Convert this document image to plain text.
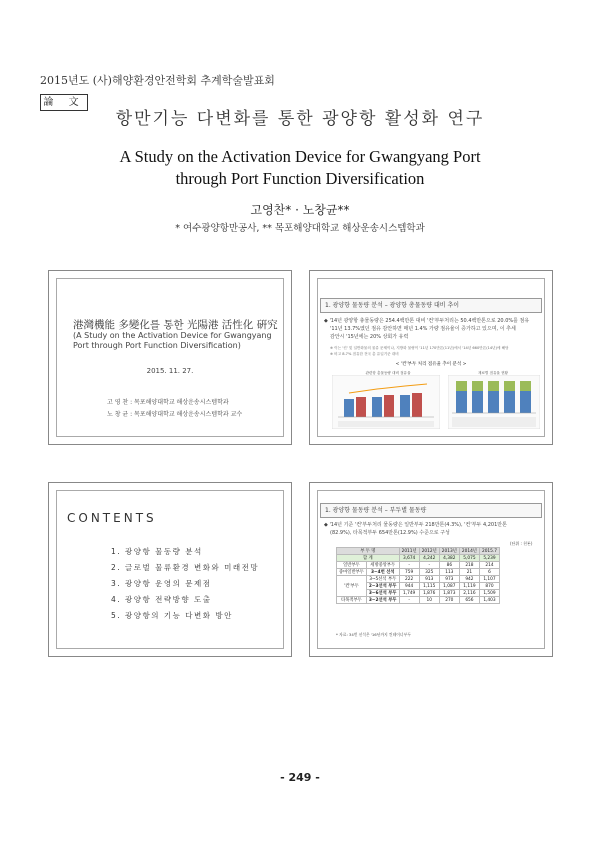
2015년도 (사)해양환경안전학회 추계학술발표회
論 文
항만기능 다변화를 통한 광양항 활성화 연구
A Study on the Activation Device for Gwangyang Port
through Port Function Diversification
고영찬* · 노창균**
* 여수광양항만공사, ** 목포해양대학교 해상운송시스템학과
港灣機能 多變化를 통한 光陽港 活性化 硏究
(A Study on the Activation Device for Gwangyang
Port through Port Function Diversification)
2015. 11. 27.
고 영 찬 : 목포해양대학교 해상운송시스템학과
노 창 균 : 목포해양대학교 해상운송시스템학과 교수
1. 광양항 물동량 분석 – 광양항 총물동량 대비 추이
◆ '14년 광양항 총물동량은 254.4백만톤 대비 '컨'부두처리는 50.4백만톤으로 20.0%를 점유
'11년 13.7%였던 점유 감안하면 매년 1.4% 가량 점유율이 증가하고 있으며, 이 추세
감안시 '15년에는 20% 상회가 유력
※ 이는 '컨' 및 일반화물의 물류 문제이나, 지방화 물량이 '11년 170만톤(11년)에서 '14년 660만톤(14년)에 해당
※ 비고 8.7% 점유한 전국 총 유입기준 대비
< '컨'부두 처리 점유율 추이 분석 >
관련항 총물동량 대비 점유율	재료별 점유율 현황
CONTENTS
1. 광양항 물동량 분석
2. 글로벌 물류환경 변화와 미래전망
3. 광양항 운영의 문제점
4. 광양항 전략방향 도출
5. 광양항의 기능 다변화 방안
1. 광양항 물동량 분석 – 부두별 물동량
◆ '14년 기준 '컨'부두처리 물동량은 일반부두 218만톤(4.3%), '컨'부두 4,201만톤
(82.9%), 타목적부두 654만톤(12.9%) 수준으로 구성
(단위 : 천톤)
부 두 명		2011년	2012년	2013년	2014년	2015.7
합 계		3,674	4,242	4,382	5,075	5,239
일반부두	세방중앙부두	-	-	86	218	214
중마일반부두	3~4번 선석	759	325	113	21	6
'컨'부두	3~5선석 부두	222	913	973	942	1,107
	2~3선석 부두	944	1,115	1,087	1,119	870
	3~6선석 부두	1,749	1,876	1,873	2,116	1,509
타목적부두	3~2선석 부두	-	10	270	656	1,403
* 자료: 34번 선석은 '16년까지 컨테이너부두
- 249 -
